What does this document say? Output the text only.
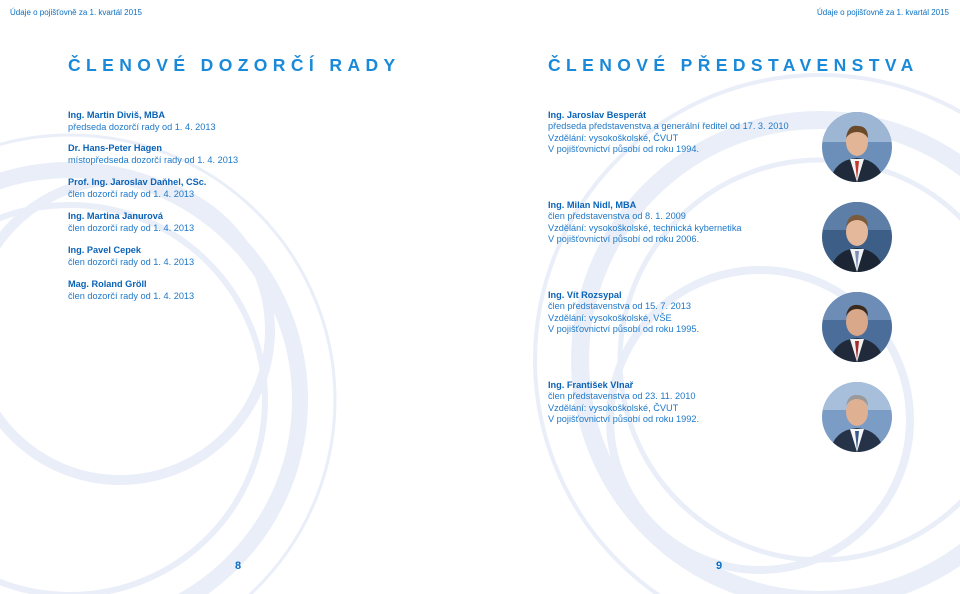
Údaje o pojišťovně za 1. kvartál 2015	Údaje o pojišťovně za 1. kvartál 2015
ČLENOVÉ DOZORČÍ RADY	ČLENOVÉ PŘEDSTAVENSTVA
Ing. Martin Diviš, MBA
předseda dozorčí rady od 1. 4. 2013
Dr. Hans-Peter Hagen
místopředseda dozorčí rady od 1. 4. 2013
Prof. Ing. Jaroslav Daňhel, CSc.
člen dozorčí rady od 1. 4. 2013
Ing. Martina Janurová
člen dozorčí rady od 1. 4. 2013
Ing. Pavel Cepek
člen dozorčí rady od 1. 4. 2013
Mag. Roland Gröll
člen dozorčí rady od 1. 4. 2013
Ing. Jaroslav Besperát
předseda představenstva a generální ředitel od 17. 3. 2010
Vzdělání: vysokoškolské, ČVUT
V pojišťovnictví působí od roku 1994.
Ing. Milan Nidl, MBA
člen představenstva od 8. 1. 2009
Vzdělání: vysokoškolské, technická kybernetika
V pojišťovnictví působí od roku 2006.
Ing. Vít Rozsypal
člen představenstva od 15. 7. 2013
Vzdělání: vysokoškolské, VŠE
V pojišťovnictví působí od roku 1995.
Ing. František Vlnař
člen představenstva od 23. 11. 2010
Vzdělání: vysokoškolské, ČVUT
V pojišťovnictví působí od roku 1992.
8	9
